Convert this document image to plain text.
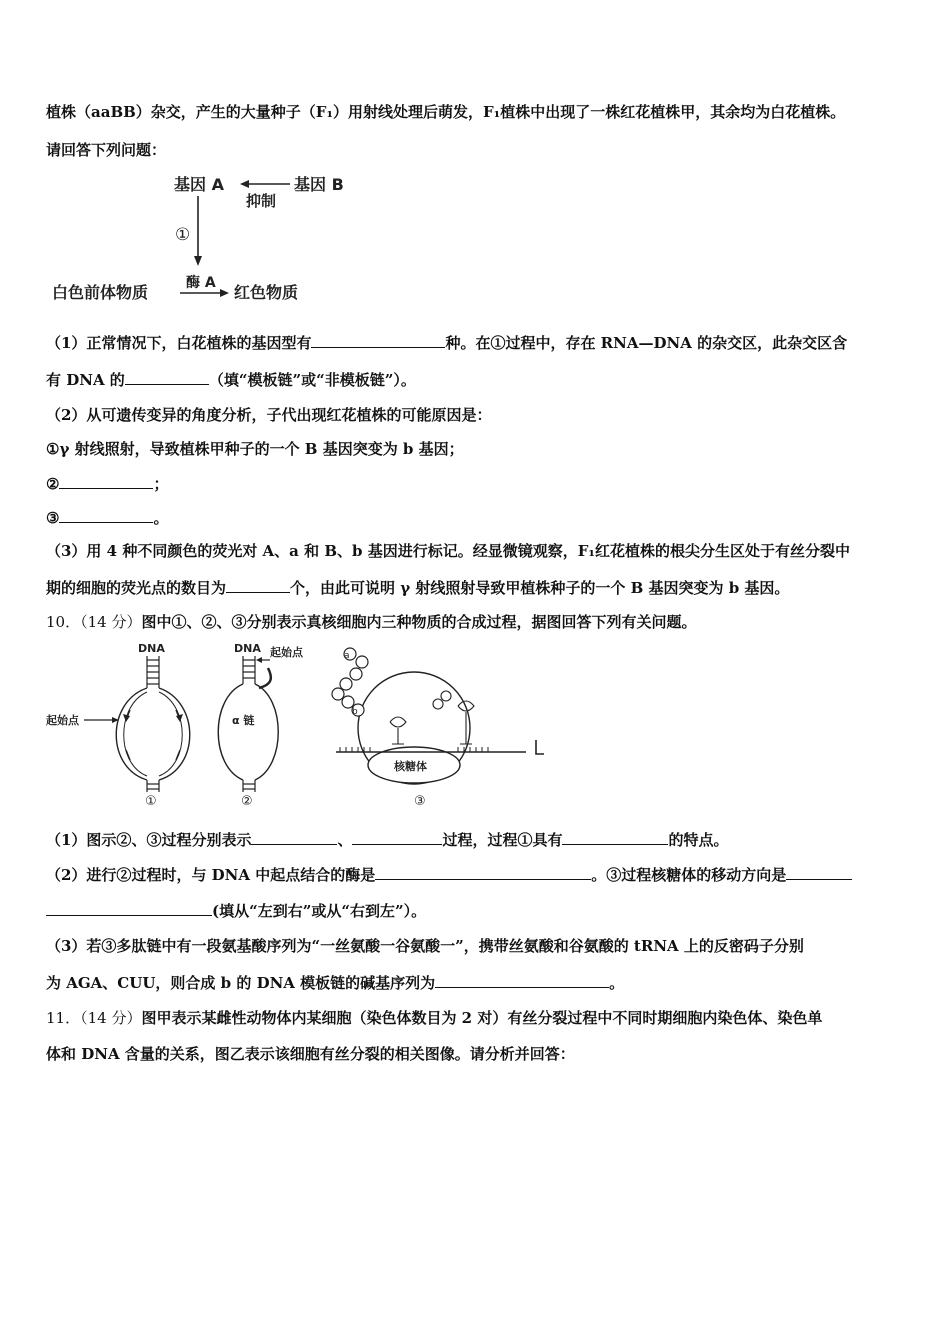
植株（aaBB）杂交，产生的大量种子（F₁）用射线处理后萌发，F₁植株中出现了一株红花植株甲，其余均为白花植株。
请回答下列问题：
基因 A	基因 B
抑制
①
酶 A
白色前体物质	红色物质
（1）正常情况下，白花植株的基因型有	种。在①过程中，存在 RNA—DNA 的杂交区，此杂交区含
有 DNA 的	（填“模板链”或“非模板链”）。
（2）从可遗传变异的角度分析，子代出现红花植株的可能原因是：
①γ 射线照射，导致植株甲种子的一个 B 基因突变为 b 基因；
②	；
③	。
（3）用 4 种不同颜色的荧光对 A、a 和 B、b 基因进行标记。经显微镜观察，F₁红花植株的根尖分生区处于有丝分裂中
期的细胞的荧光点的数目为	个，由此可说明 γ 射线照射导致甲植株种子的一个 B 基因突变为 b 基因。
10．（14 分）图中①、②、③分别表示真核细胞内三种物质的合成过程，据图回答下列有关问题。
DNA
起始点
①
DNA
α 链
起始点
②
核糖体
a
b
③
（1）图示②、③过程分别表示	、	过程，过程①具有	的特点。
（2）进行②过程时，与 DNA 中起点结合的酶是	。③过程核糖体的移动方向是
(填从“左到右”或从“右到左”）。
（3）若③多肽链中有一段氨基酸序列为“一丝氨酸一谷氨酸一”，携带丝氨酸和谷氨酸的 tRNA 上的反密码子分别
为 AGA、CUU，则合成 b 的 DNA 模板链的碱基序列为	。
11．（14 分）图甲表示某雌性动物体内某细胞（染色体数目为 2 对）有丝分裂过程中不同时期细胞内染色体、染色单
体和 DNA 含量的关系，图乙表示该细胞有丝分裂的相关图像。请分析并回答：
